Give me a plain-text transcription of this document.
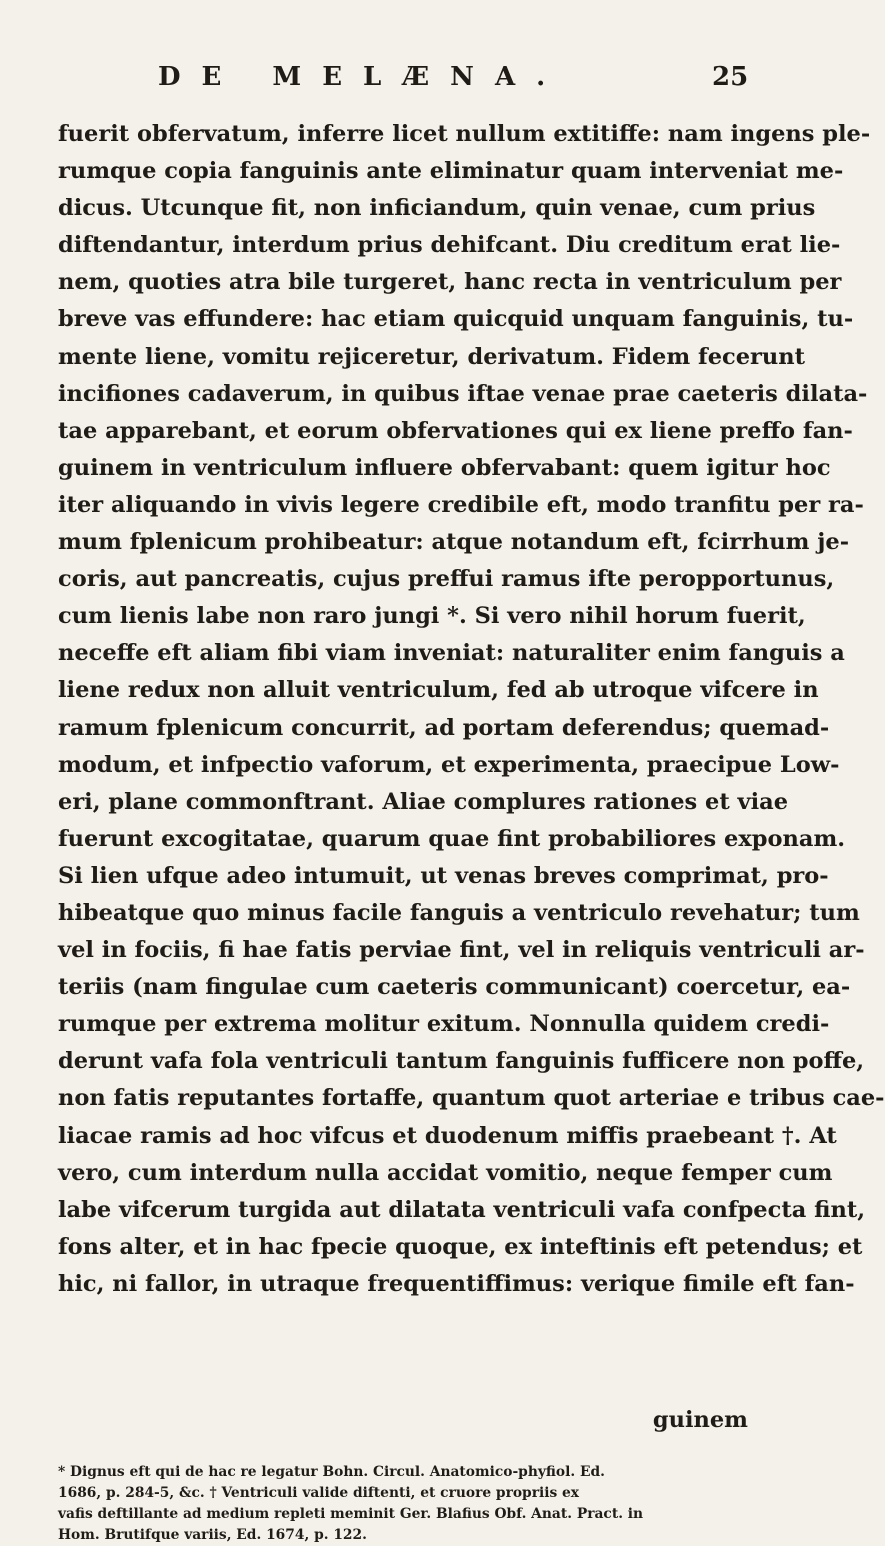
DE MELÆNA.	25
fuerit obfervatum, inferre licet nullum extitiffe: nam ingens ple-
rumque copia fanguinis ante eliminatur quam interveniat me-
dicus. Utcunque fit, non inficiandum, quin venae, cum prius
diftendantur, interdum prius dehifcant. Diu creditum erat lie-
nem, quoties atra bile turgeret, hanc recta in ventriculum per
breve vas effundere: hac etiam quicquid unquam fanguinis, tu-
mente liene, vomitu rejiceretur, derivatum. Fidem fecerunt
incifiones cadaverum, in quibus iftae venae prae caeteris dilata-
tae apparebant, et eorum obfervationes qui ex liene preffo fan-
guinem in ventriculum influere obfervabant: quem igitur hoc
iter aliquando in vivis legere credibile eft, modo tranfitu per ra-
mum fplenicum prohibeatur: atque notandum eft, fcirrhum je-
coris, aut pancreatis, cujus preffui ramus ifte peropportunus,
cum lienis labe non raro jungi *. Si vero nihil horum fuerit,
neceffe eft aliam fibi viam inveniat: naturaliter enim fanguis a
liene redux non alluit ventriculum, fed ab utroque vifcere in
ramum fplenicum concurrit, ad portam deferendus; quemad-
modum, et infpectio vaforum, et experimenta, praecipue Low-
eri, plane commonftrant. Aliae complures rationes et viae
fuerunt excogitatae, quarum quae fint probabiliores exponam.
Si lien ufque adeo intumuit, ut venas breves comprimat, pro-
hibeatque quo minus facile fanguis a ventriculo revehatur; tum
vel in fociis, fi hae fatis perviae fint, vel in reliquis ventriculi ar-
teriis (nam fingulae cum caeteris communicant) coercetur, ea-
rumque per extrema molitur exitum. Nonnulla quidem credi-
derunt vafa fola ventriculi tantum fanguinis fufficere non poffe,
non fatis reputantes fortaffe, quantum quot arteriae e tribus cae-
liacae ramis ad hoc vifcus et duodenum miffis praebeant †. At
vero, cum interdum nulla accidat vomitio, neque femper cum
labe vifcerum turgida aut dilatata ventriculi vafa confpecta fint,
fons alter, et in hac fpecie quoque, ex inteftinis eft petendus; et
hic, ni fallor, in utraque frequentiffimus: verique fimile eft fan-
guinem
* Dignus eft qui de hac re legatur Bohn. Circul. Anatomico-phyfiol. Ed.
1686, p. 284-5, &c. † Ventriculi valide diftenti, et cruore propriis ex
vafis deftillante ad medium repleti meminit Ger. Blafius Obf. Anat. Pract. in
Hom. Brutifque variis, Ed. 1674, p. 122.
